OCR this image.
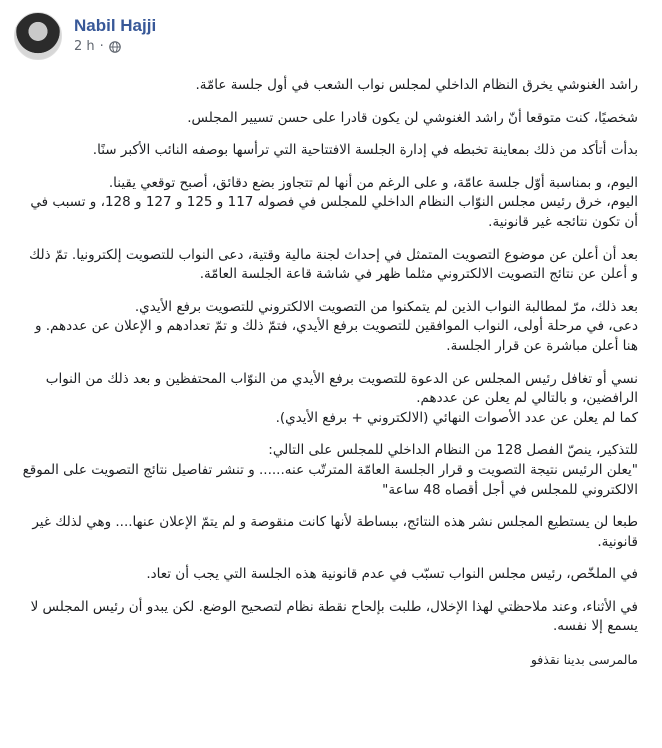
Nabil Hajji
2 h ·
راشد الغنوشي يخرق النظام الداخلي لمجلس نواب الشعب في أول جلسة عامّة.
شخصيًا، كنت متوقعا أنّ راشد الغنوشي لن يكون قادرا على حسن تسيير المجلس.
بدأت أتأكد من ذلك بمعاينة تخبطه في إدارة الجلسة الافتتاحية التي ترأسها بوصفه النائب الأكبر سنًا.
اليوم، و بمناسبة أوّل جلسة عامّة، و على الرغم من أنها لم تتجاوز بضع دقائق، أصبح توقعي يقينا.
اليوم، خرق رئيس مجلس النوّاب النظام الداخلي للمجلس في فصوله 117 و 125 و 127 و 128، و تسبب في أن تكون نتائجه غير قانونية.
بعد أن أعلن عن موضوع التصويت المتمثل في إحداث لجنة مالية وقتية، دعى النواب للتصويت إلكترونيا. تمّ ذلك و أعلن عن نتائج التصويت الالكتروني مثلما ظهر في شاشة قاعة الجلسة العامّة.
بعد ذلك، مرّ لمطالبة النواب الذين لم يتمكنوا من التصويت الالكتروني للتصويت برفع الأيدي.
دعى، في مرحلة أولى، النواب الموافقين للتصويت برفع الأيدي، فتمّ ذلك و تمّ تعدادهم و الإعلان عن عددهم. و هنا أعلن مباشرة عن قرار الجلسة.
نسي أو تغافل رئيس المجلس عن الدعوة للتصويت برفع الأيدي من النوّاب المحتفظين و بعد ذلك من النواب الرافضين، و بالتالي لم يعلن عن عددهم.
كما لم يعلن عن عدد الأصوات النهائي (الالكتروني + برفع الأيدي).
للتذكير، ينصّ الفصل 128 من النظام الداخلي للمجلس على التالي:
"يعلن الرئيس نتيجة التصويت و قرار الجلسة العامّة المترتّب عنه...... و تنشر تفاصيل نتائج التصويت على الموقع الالكتروني للمجلس في أجل أقصاه 48 ساعة"
طبعا لن يستطيع المجلس نشر هذه النتائج، ببساطة لأنها كانت منقوصة و لم يتمّ الإعلان عنها.... وهي لذلك غير قانونية.
في الملخّص، رئيس مجلس النواب تسبّب في عدم قانونية هذه الجلسة التي يجب أن تعاد.
في الأثناء، وعند ملاحظتي لهذا الإخلال، طلبت بإلحاح نقطة نظام لتصحيح الوضع. لكن يبدو أن رئيس المجلس لا يسمع إلا نفسه.
مالمرسى بدينا نقذفو
